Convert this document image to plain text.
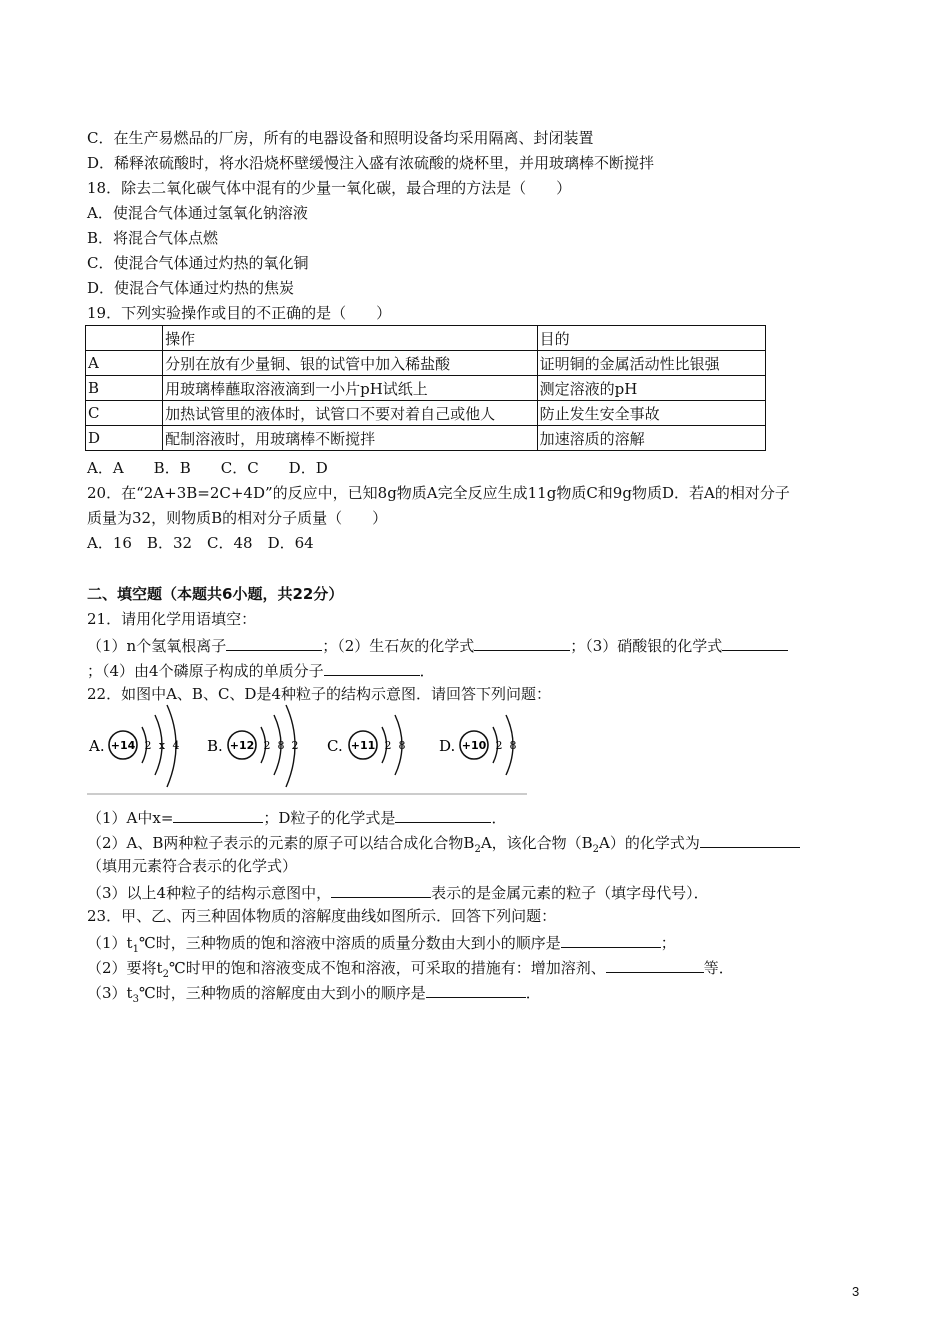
C．在生产易燃品的厂房，所有的电器设备和照明设备均采用隔离、封闭装置
D．稀释浓硫酸时，将水沿烧杯壁缓慢注入盛有浓硫酸的烧杯里，并用玻璃棒不断搅拌
18．除去二氧化碳气体中混有的少量一氧化碳，最合理的方法是（　　）
A．使混合气体通过氢氧化钠溶液
B．将混合气体点燃
C．使混合气体通过灼热的氧化铜
D．使混合气体通过灼热的焦炭
19．下列实验操作或目的不正确的是（　　）
	操作	目的
A	分别在放有少量铜、银的试管中加入稀盐酸	证明铜的金属活动性比银强
B	用玻璃棒蘸取溶液滴到一小片pH试纸上	测定溶液的pH
C	加热试管里的液体时，试管口不要对着自己或他人	防止发生安全事故
D	配制溶液时，用玻璃棒不断搅拌	加速溶质的溶解
A．A　　B．B　　C．C　　D．D
20．在“2A+3B=2C+4D”的反应中，已知8g物质A完全反应生成11g物质C和9g物质D．若A的相对分子
质量为32，则物质B的相对分子质量（　　）
A．16　B．32　C．48　D．64
二、填空题（本题共6小题，共22分）
21．请用化学用语填空：
（1）n个氢氧根离子	；（2）生石灰的化学式	；（3）硝酸银的化学式
；（4）由4个磷原子构成的单质分子	．
22．如图中A、B、C、D是4种粒子的结构示意图．请回答下列问题：
A. +14 2 x 4 B. +12 2 8 2 C. +11 2 8 D. +10 2 8
（1）A中x=	；D粒子的化学式是	．
（2）A、B两种粒子表示的元素的原子可以结合成化合物$B_2A$，该化合物$(B_2A)$的化学式为
（填用元素符合表示的化学式）
（3）以上4种粒子的结构示意图中，	表示的是金属元素的粒子（填字母代号）．
23．甲、乙、丙三种固体物质的溶解度曲线如图所示．回答下列问题：
$(1)t_1℃$时，三种物质的饱和溶液中溶质的质量分数由大到小的顺序是	；
（2）要将$t_2℃$时甲的饱和溶液变成不饱和溶液，可采取的措施有：增加溶剂、	等．
$(3)t_3℃$时，三种物质的溶解度由大到小的顺序是	．
3
